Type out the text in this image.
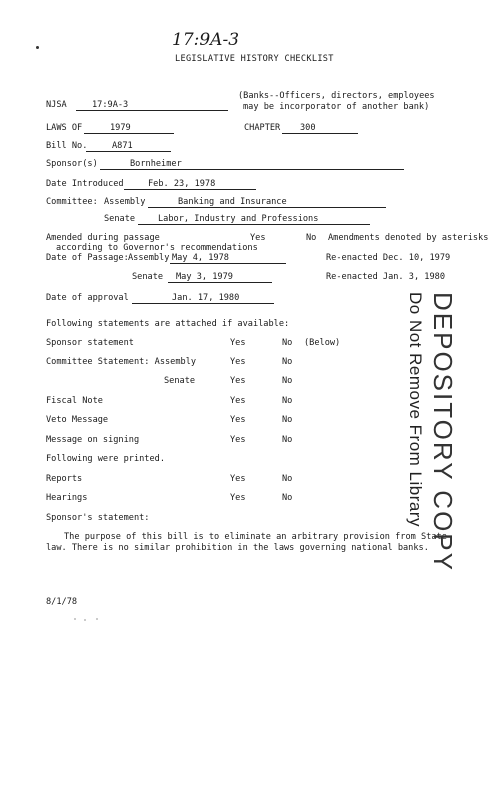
17:9A-3
LEGISLATIVE HISTORY CHECKLIST
NJSA	17:9A-3
(Banks--Officers, directors, employees
may be incorporator of another bank)
LAWS OF	1979	CHAPTER	300
Bill No.	A871
Sponsor(s)	Bornheimer
Date Introduced	Feb. 23, 1978
Committee: Assembly	Banking and Insurance
Senate	Labor, Industry and Professions
Amended during passage	Yes	No Amendments denoted by asterisks
according to Governor's recommendations
Date of Passage: Assembly May 4, 1978	Re-enacted Dec. 10, 1979
Senate	May 3, 1979	Re-enacted Jan. 3, 1980
Date of approval	Jan. 17, 1980
Following statements are attached if available:
Sponsor statement	Yes	No (Below)
Committee Statement: Assembly	Yes	No
Senate	Yes	No
Fiscal Note	Yes	No
Veto Message	Yes	No
Message on signing	Yes	No
Following were printed.
Reports	Yes	No
Hearings	Yes	No
Sponsor's statement:
The purpose of this bill is to eliminate an arbitrary provision from State
law. There is no similar prohibition in the laws governing national banks.
8/1/78
DEPOSITORY COPY
Do Not Remove From Library
